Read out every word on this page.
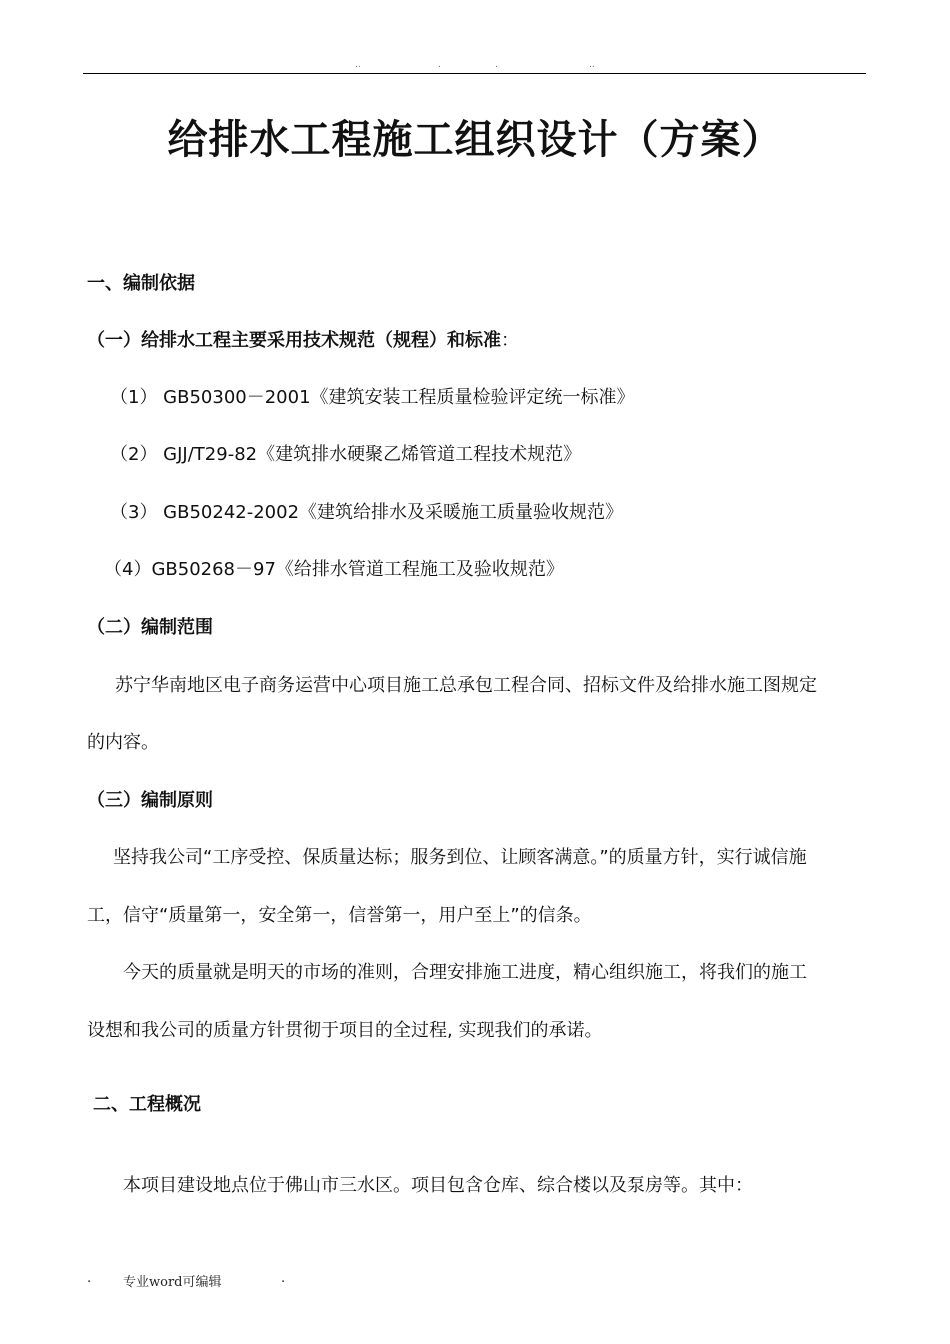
..	.	.	..
给排水工程施工组织设计（方案）
一、编制依据
（一）给排水工程主要采用技术规范（规程）和标准：
（1） GB50300－2001《建筑安装工程质量检验评定统一标准》
（2） GJJ/T29-82《建筑排水硬聚乙烯管道工程技术规范》
（3） GB50242-2002《建筑给排水及采暖施工质量验收规范》
（4）GB50268－97《给排水管道工程施工及验收规范》
（二）编制范围
苏宁华南地区电子商务运营中心项目施工总承包工程合同、招标文件及给排水施工图规定
的内容。
（三）编制原则
坚持我公司“工序受控、保质量达标；服务到位、让顾客满意。”的质量方针，实行诚信施
工，信守“质量第一，安全第一，信誉第一，用户至上”的信条。
今天的质量就是明天的市场的准则，合理安排施工进度，精心组织施工，将我们的施工
设想和我公司的质量方针贯彻于项目的全过程, 实现我们的承诺。
二、工程概况
本项目建设地点位于佛山市三水区。项目包含仓库、综合楼以及泵房等。其中：
. 专业word可编辑	.
